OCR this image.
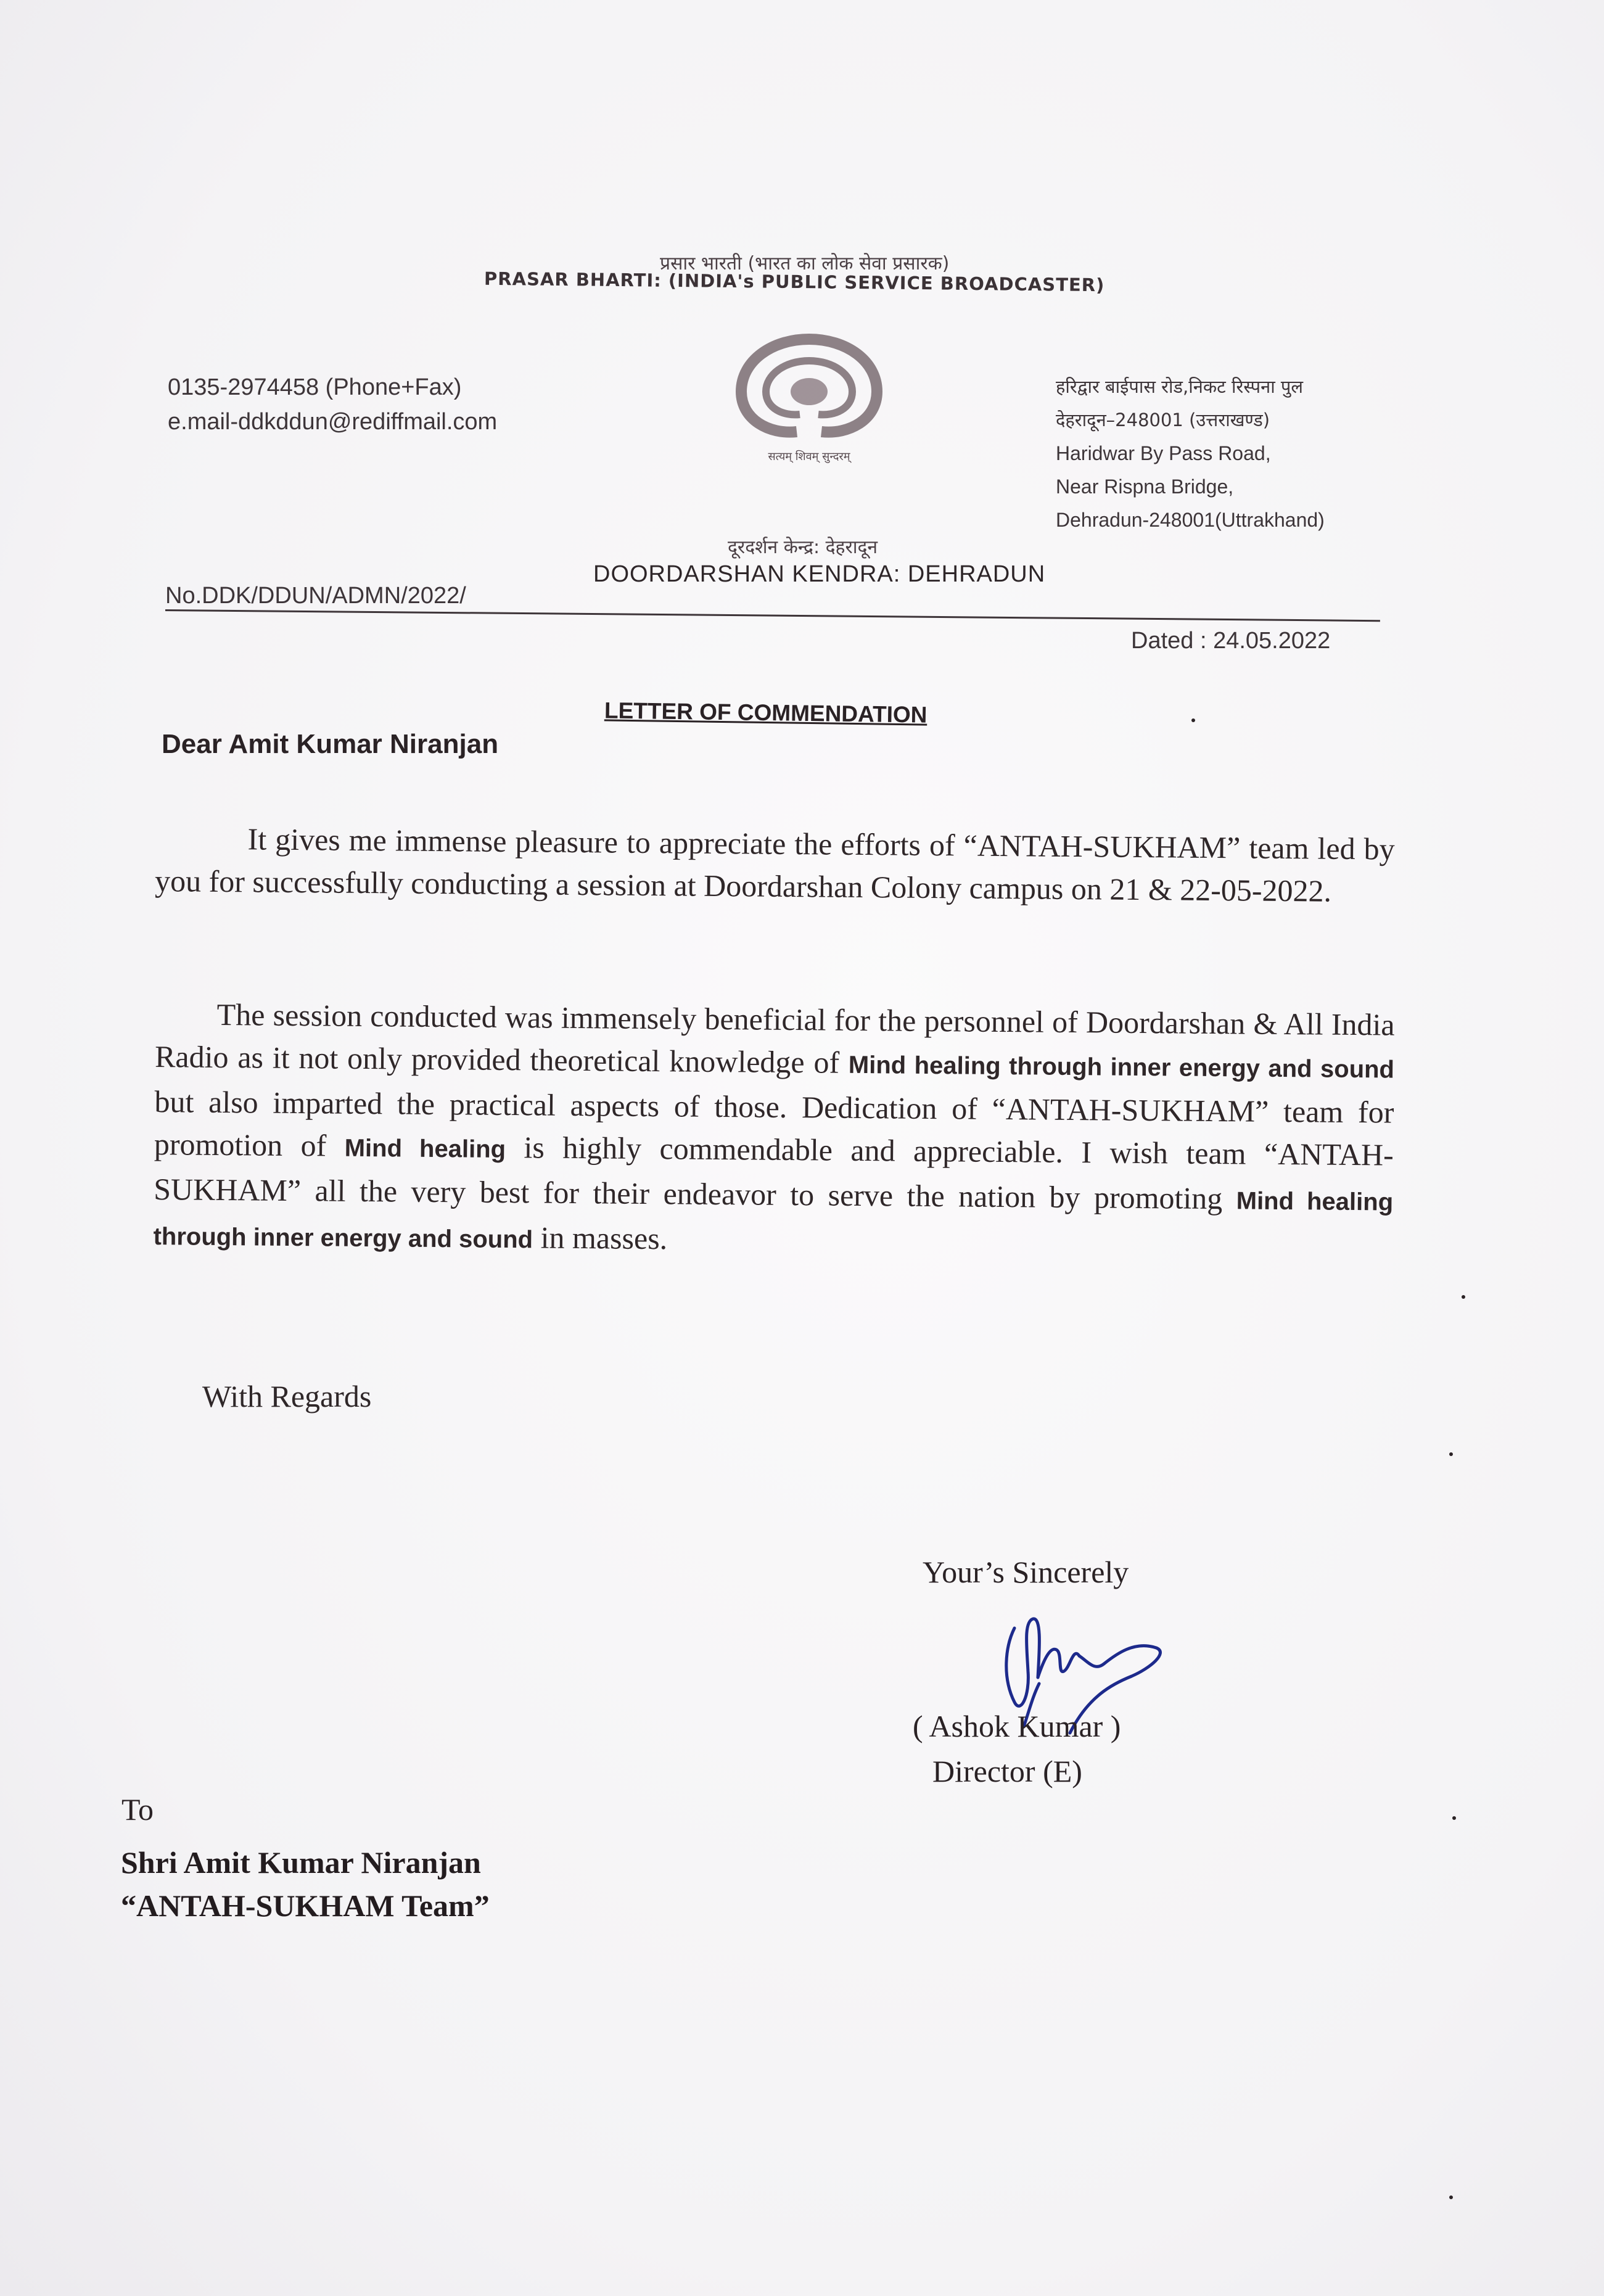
प्रसार भारती (भारत का लोक सेवा प्रसारक)
PRASAR BHARTI: (INDIA's PUBLIC SERVICE BROADCASTER)
0135-2974458 (Phone+Fax)
e.mail-ddkddun@rediffmail.com
सत्यम् शिवम् सुन्दरम्
हरिद्वार बाईपास रोड,निकट रिस्पना पुल
देहरादून–248001 (उत्तराखण्ड)
Haridwar By Pass Road,
Near Rispna Bridge,
Dehradun-248001(Uttrakhand)
दूरदर्शन केन्द्र: देहरादून
DOORDARSHAN KENDRA: DEHRADUN
No.DDK/DDUN/ADMN/2022/
Dated : 24.05.2022
LETTER OF COMMENDATION
Dear Amit Kumar Niranjan
It gives me immense pleasure to appreciate the efforts of “ANTAH-SUKHAM” team led by you for successfully conducting a session at Doordarshan Colony campus on 21 & 22-05-2022.
The session conducted was immensely beneficial for the personnel of Doordarshan & All India Radio as it not only provided theoretical knowledge of Mind healing through inner energy and sound but also imparted the practical aspects of those. Dedication of “ANTAH-SUKHAM” team for promotion of Mind healing is highly commendable and appreciable. I wish team “ANTAH-SUKHAM” all the very best for their endeavor to serve the nation by promoting Mind healing through inner energy and sound in masses.
With Regards
Your’s Sincerely
( Ashok Kumar )
Director (E)
To
Shri Amit Kumar Niranjan
“ANTAH-SUKHAM Team”
